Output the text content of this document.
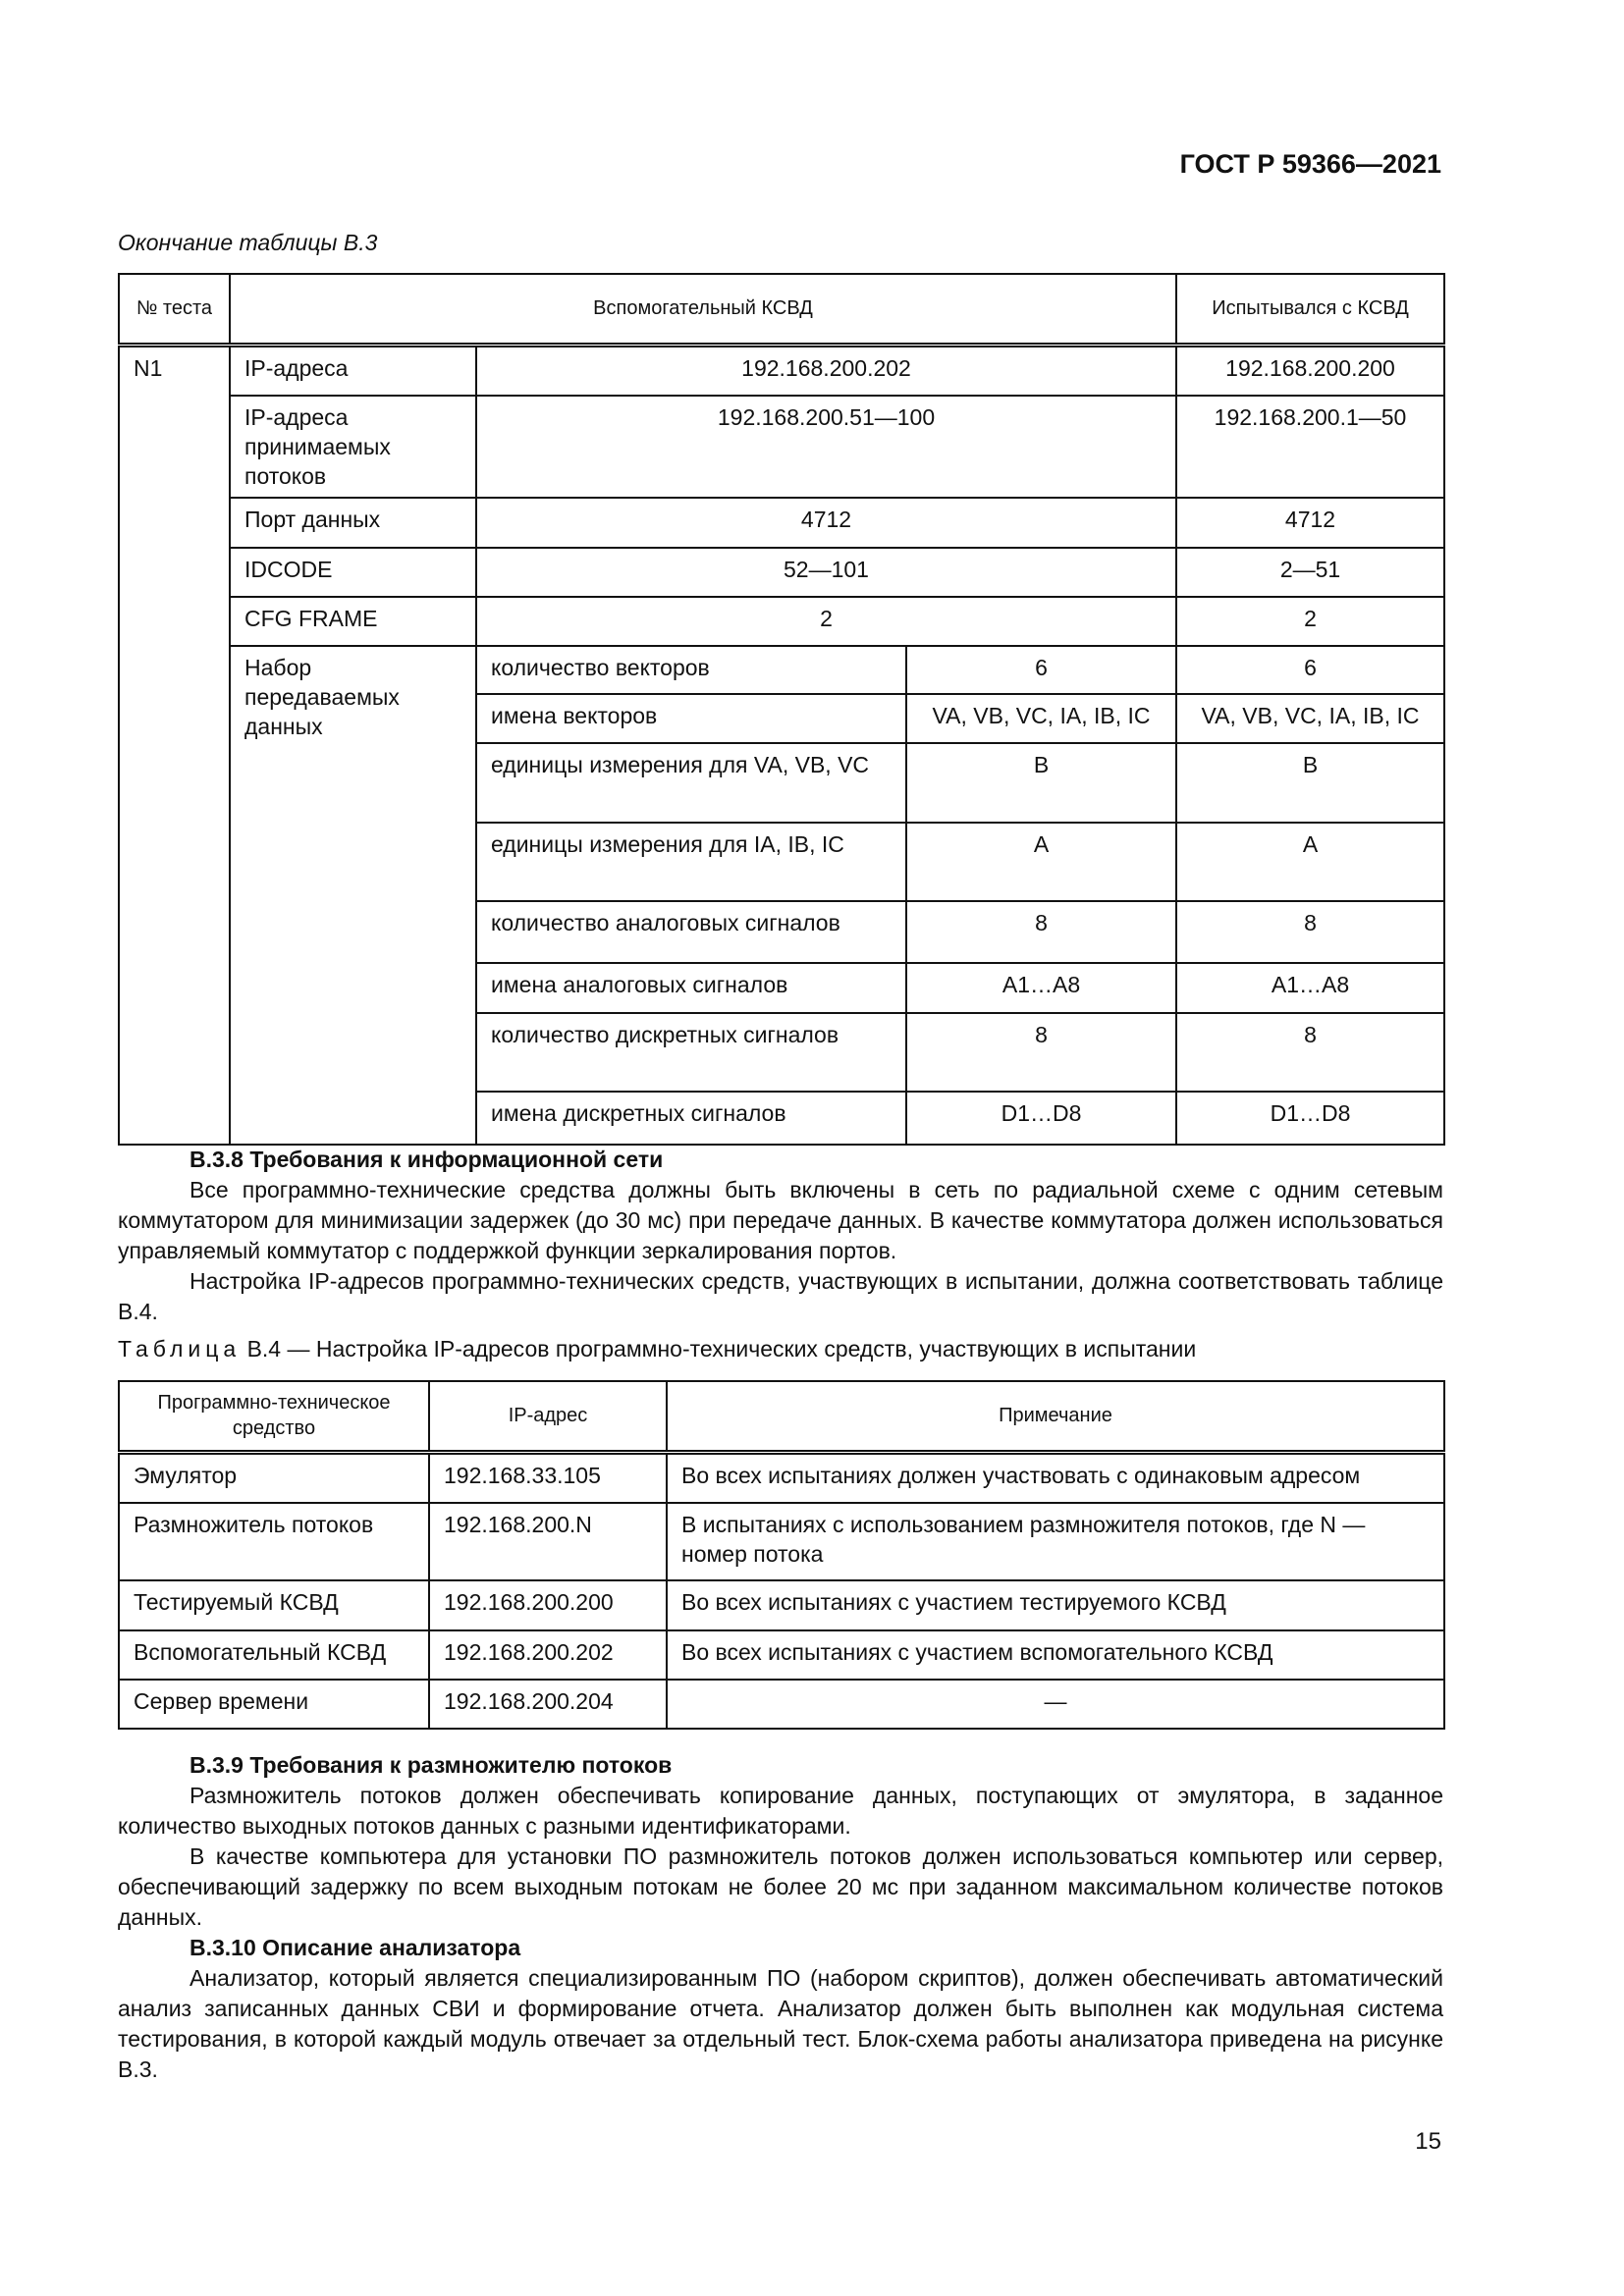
ГОСТ Р 59366—2021
Окончание таблицы В.3
№ теста	Вспомогательный КСВД			Испытывался с КСВД
N1	IP-адреса	192.168.200.202		192.168.200.200
	IP-адреса принимаемых потоков	192.168.200.51—100		192.168.200.1—50
	Порт данных	4712		4712
	IDCODE	52—101		2—51
	CFG FRAME	2		2
	Набор передаваемых данных	количество векторов	6	6
		имена векторов	VA, VB, VC, IA, IB, IC	VA, VB, VC, IA, IB, IC
		единицы измерения для VA, VB, VC	В	В
		единицы измерения для IA, IB, IC	А	А
		количество аналоговых сигналов	8	8
		имена аналоговых сигналов	A1…A8	A1…A8
		количество дискретных сигналов	8	8
		имена дискретных сигналов	D1…D8	D1…D8
В.3.8 Требования к информационной сети

Все программно-технические средства должны быть включены в сеть по радиальной схеме с одним сетевым коммутатором для минимизации задержек (до 30 мс) при передаче данных. В качестве коммутатора должен использоваться управляемый коммутатор с поддержкой функции зеркалирования портов.

Настройка IP-адресов программно-технических средств, участвующих в испытании, должна соответствовать таблице В.4.

Таблица В.4 — Настройка IP-адресов программно-технических средств, участвующих в испытании
Программно-техническое средство	IP-адрес	Примечание
Эмулятор	192.168.33.105	Во всех испытаниях должен участвовать с одинаковым адресом
Размножитель потоков	192.168.200.N	В испытаниях с использованием размножителя потоков, где N — номер потока
Тестируемый КСВД	192.168.200.200	Во всех испытаниях с участием тестируемого КСВД
Вспомогательный КСВД	192.168.200.202	Во всех испытаниях с участием вспомогательного КСВД
Сервер времени	192.168.200.204	—
В.3.9 Требования к размножителю потоков

Размножитель потоков должен обеспечивать копирование данных, поступающих от эмулятора, в заданное количество выходных потоков данных с разными идентификаторами.

В качестве компьютера для установки ПО размножитель потоков должен использоваться компьютер или сервер, обеспечивающий задержку по всем выходным потокам не более 20 мс при заданном максимальном количестве потоков данных.

В.3.10 Описание анализатора

Анализатор, который является специализированным ПО (набором скриптов), должен обеспечивать автоматический анализ записанных данных СВИ и формирование отчета. Анализатор должен быть выполнен как модульная система тестирования, в которой каждый модуль отвечает за отдельный тест. Блок-схема работы анализатора приведена на рисунке В.3.

15
